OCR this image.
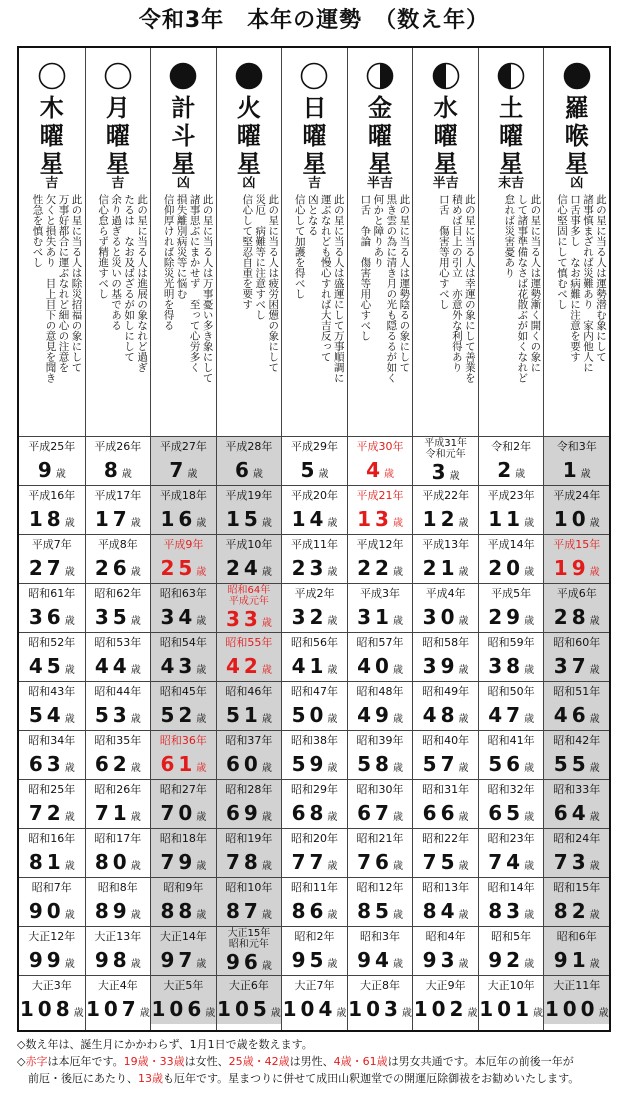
令和3年　本年の運勢　（数え年）
木
曜
星
吉
此の星に当る人は除災招福の象にして
万事好都合に運ぶなれど細心の注意を
欠くと損失あり　目上目下の意見を聞き
性急を慎むべし
平成25年
9歳
平成16年
18歳
平成7年
27歳
昭和61年
36歳
昭和52年
45歳
昭和43年
54歳
昭和34年
63歳
昭和25年
72歳
昭和16年
81歳
昭和7年
90歳
大正12年
99歳
大正3年
108歳
月
曜
星
吉
此の星に当る人は進展の象なれど過ぎ
たるは　なお及ばざるが如しにして
余り過ぎると災いの基である
信心怠らず精進すべし
平成26年
8歳
平成17年
17歳
平成8年
26歳
昭和62年
35歳
昭和53年
44歳
昭和44年
53歳
昭和35年
62歳
昭和26年
71歳
昭和17年
80歳
昭和8年
89歳
大正13年
98歳
大正4年
107歳
計
斗
星
凶
此の星に当る人は万事憂い多き象にして
諸事思ぶにまかせず　至って心労多く
損失離別病災等に悩む
信仰厚ければ除災光明を得る
平成27年
7歳
平成18年
16歳
平成9年
25歳
昭和63年
34歳
昭和54年
43歳
昭和45年
52歳
昭和36年
61歳
昭和27年
70歳
昭和18年
79歳
昭和9年
88歳
大正14年
97歳
大正5年
106歳
火
曜
星
凶
此の星に当る人は疲労困憊の象にして
災厄　病難等に注意すべし
信心して堅忍自重を要す
平成28年
6歳
平成19年
15歳
平成10年
24歳
昭和64年
平成元年
33歳
昭和55年
42歳
昭和46年
51歳
昭和37年
60歳
昭和28年
69歳
昭和19年
78歳
昭和10年
87歳
大正15年
昭和元年
96歳
大正6年
105歳
日
曜
星
吉
此の星に当る人は盛運にして万事順調に
運ぶなれども慢心すれば大吉反って
凶となる
信心して加護を得べし
平成29年
5歳
平成20年
14歳
平成11年
23歳
平成2年
32歳
昭和56年
41歳
昭和47年
50歳
昭和38年
59歳
昭和29年
68歳
昭和20年
77歳
昭和11年
86歳
昭和2年
95歳
大正7年
104歳
金
曜
星
半吉
此の星に当る人は運勢陰るの象にして
黒き雲の為に清き月の光も隠るるが如く
何かと障りあり
口舌　争論　傷害等用心すべし
平成30年
4歳
平成21年
13歳
平成12年
22歳
平成3年
31歳
昭和57年
40歳
昭和48年
49歳
昭和39年
58歳
昭和30年
67歳
昭和21年
76歳
昭和12年
85歳
昭和3年
94歳
大正8年
103歳
水
曜
星
半吉
此の星に当る人は幸運の象にして善業を
積めば目上の引立　亦意外な利得あり
口舌　傷害等用心すべし
平成31年
令和元年
3歳
平成22年
12歳
平成13年
21歳
平成4年
30歳
昭和58年
39歳
昭和49年
48歳
昭和40年
57歳
昭和31年
66歳
昭和22年
75歳
昭和13年
84歳
昭和4年
93歳
大正9年
102歳
土
曜
星
末吉
此の星に当る人は運勢漸く開くの象に
して諸事準備なさば花散ぶが如くなれど
怠れば災害憂あり
令和2年
2歳
平成23年
11歳
平成14年
20歳
平成5年
29歳
昭和59年
38歳
昭和50年
47歳
昭和41年
56歳
昭和32年
65歳
昭和23年
74歳
昭和14年
83歳
昭和5年
92歳
大正10年
101歳
羅
喉
星
凶
此の星に当る人は運勢潜む象にして
諸事慎まざれば災難あり　家内他人に
口舌事多し　なお病難に注意を要す
信心堅固にして慎むべし
令和3年
1歳
平成24年
10歳
平成15年
19歳
平成6年
28歳
昭和60年
37歳
昭和51年
46歳
昭和42年
55歳
昭和33年
64歳
昭和24年
73歳
昭和15年
82歳
昭和6年
91歳
大正11年
100歳
◇数え年は、誕生月にかかわらず、1月1日で歳を数えます。
◇赤字は本厄年です。19歳・33歳は女性、25歳・42歳は男性、4歳・61歳は男女共通です。本厄年の前後一年が
　前厄・後厄にあたり、13歳も厄年です。星まつりに併せて成田山釈迦堂での開運厄除御祓をお勧めいたします。
